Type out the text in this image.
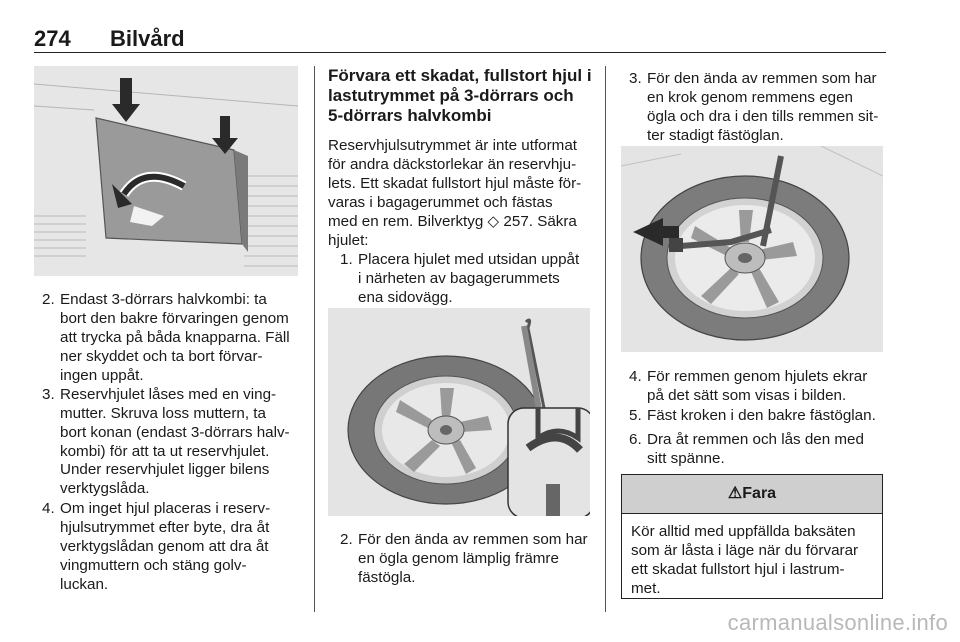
274 Bilvård
2. Endast 3-dörrars halvkombi: ta
bort den bakre förvaringen genom
att trycka på båda knapparna. Fäll
ner skyddet och ta bort förvar-
ingen uppåt.
3. Reservhjulet låses med en ving-
mutter. Skruva loss muttern, ta
bort konan (endast 3-dörrars halv-
kombi) för att ta ut reservhjulet.
Under reservhjulet ligger bilens
verktygslåda.
4. Om inget hjul placeras i reserv-
hjulsutrymmet efter byte, dra åt
verktygslådan genom att dra åt
vingmuttern och stäng golv-
luckan.
Förvara ett skadat, fullstort hjul i
lastutrymmet på 3-dörrars och
5-dörrars halvkombi
Reservhjulsutrymmet är inte utformat
för andra däckstorlekar än reservhju-
lets. Ett skadat fullstort hjul måste för-
varas i bagagerummet och fästas
med en rem. Bilverktyg ◇ 257. Säkra
hjulet:
1. Placera hjulet med utsidan uppåt
i närheten av bagagerummets
ena sidovägg.
2. För den ända av remmen som har
en ögla genom lämplig främre
fästögla.
3. För den ända av remmen som har
en krok genom remmens egen
ögla och dra i den tills remmen sit-
ter stadigt fästöglan.
4. För remmen genom hjulets ekrar
på det sätt som visas i bilden.
5. Fäst kroken i den bakre fästöglan.
6. Dra åt remmen och lås den med
sitt spänne.
⚠Fara
Kör alltid med uppfällda baksäten
som är låsta i läge när du förvarar
ett skadat fullstort hjul i lastrum-
met.
carmanualsonline.info
